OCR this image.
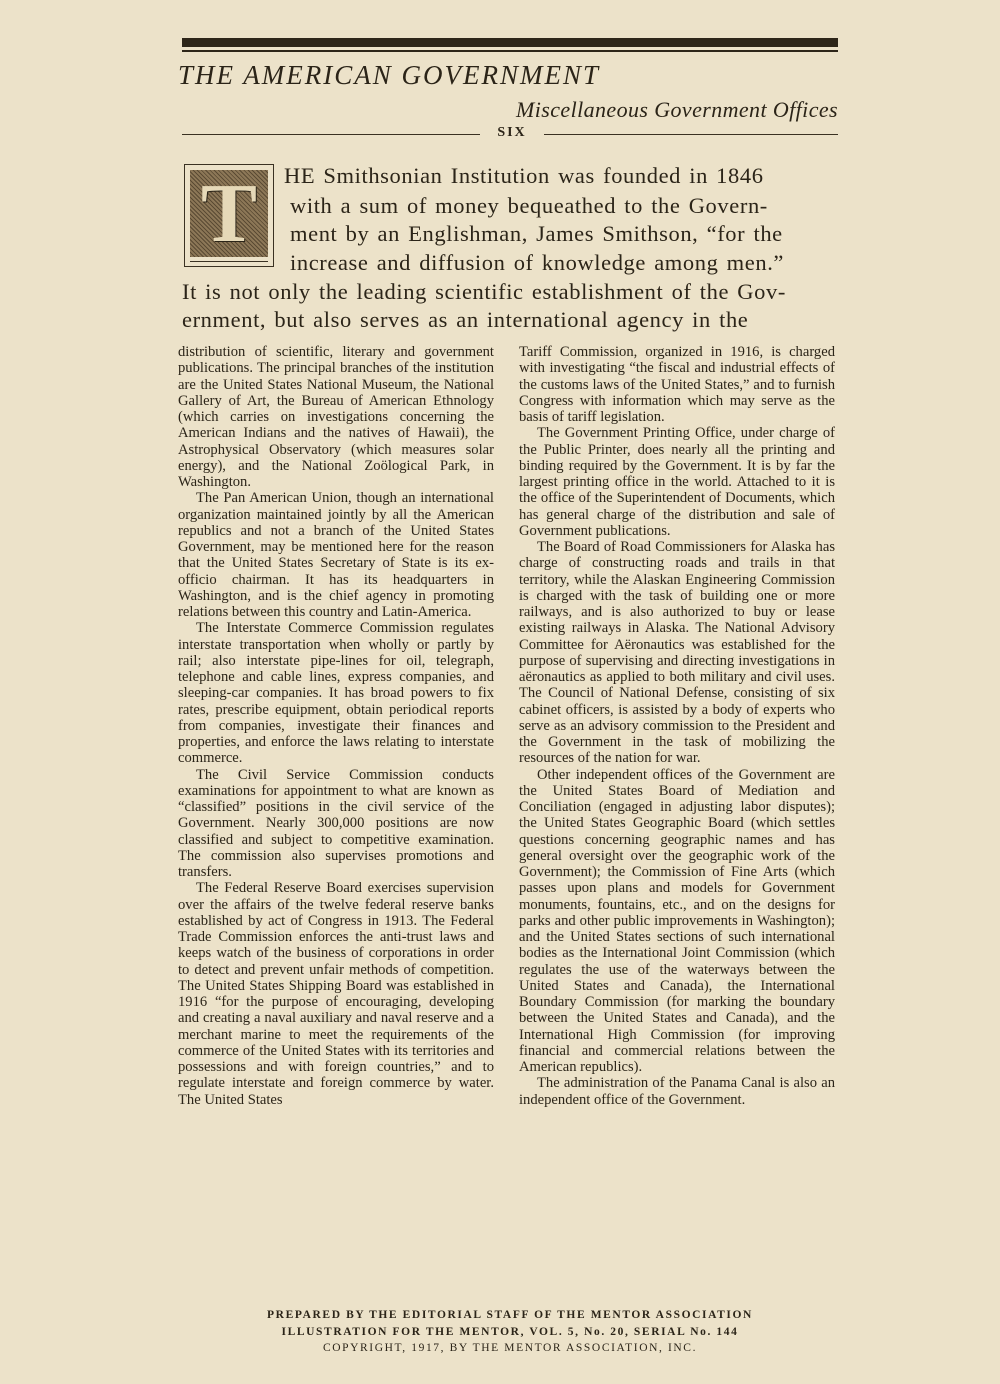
THE AMERICAN GOVERNMENT
Miscellaneous Government Offices
SIX
T HE Smithsonian Institution was founded in 1846
with a sum of money bequeathed to the Govern-
ment by an Englishman, James Smithson, “for the
increase and diffusion of knowledge among men.”
It is not only the leading scientific establishment of the Gov-
ernment, but also serves as an international agency in the

distribution of scientific, literary and government publications. The principal branches of the institution are the United States National Museum, the National Gallery of Art, the Bureau of American Ethnology (which carries on investigations concerning the American Indians and the natives of Hawaii), the Astrophysical Observatory (which measures solar energy), and the National Zoölogical Park, in Washington.

The Pan American Union, though an international organization maintained jointly by all the American republics and not a branch of the United States Government, may be mentioned here for the reason that the United States Secretary of State is its ex-officio chairman. It has its headquarters in Washington, and is the chief agency in promoting relations between this country and Latin-America.

The Interstate Commerce Commission regulates interstate transportation when wholly or partly by rail; also interstate pipe-lines for oil, telegraph, telephone and cable lines, express companies, and sleeping-car companies. It has broad powers to fix rates, prescribe equipment, obtain periodical reports from companies, investigate their finances and properties, and enforce the laws relating to interstate commerce.

The Civil Service Commission conducts examinations for appointment to what are known as “classified” positions in the civil service of the Government. Nearly 300,000 positions are now classified and subject to competitive examination. The commission also supervises promotions and transfers.

The Federal Reserve Board exercises supervision over the affairs of the twelve federal reserve banks established by act of Congress in 1913. The Federal Trade Commission enforces the anti-trust laws and keeps watch of the business of corporations in order to detect and prevent unfair methods of competition. The United States Shipping Board was established in 1916 “for the purpose of encouraging, developing and creating a naval auxiliary and naval reserve and a merchant marine to meet the requirements of the commerce of the United States with its territories and possessions and with foreign countries,” and to regulate interstate and foreign commerce by water. The United States

Tariff Commission, organized in 1916, is charged with investigating “the fiscal and industrial effects of the customs laws of the United States,” and to furnish Congress with information which may serve as the basis of tariff legislation.

The Government Printing Office, under charge of the Public Printer, does nearly all the printing and binding required by the Government. It is by far the largest printing office in the world. Attached to it is the office of the Superintendent of Documents, which has general charge of the distribution and sale of Government publications.

The Board of Road Commissioners for Alaska has charge of constructing roads and trails in that territory, while the Alaskan Engineering Commission is charged with the task of building one or more railways, and is also authorized to buy or lease existing railways in Alaska. The National Advisory Committee for Aëronautics was established for the purpose of supervising and directing investigations in aëronautics as applied to both military and civil uses. The Council of National Defense, consisting of six cabinet officers, is assisted by a body of experts who serve as an advisory commission to the President and the Government in the task of mobilizing the resources of the nation for war.

Other independent offices of the Government are the United States Board of Mediation and Conciliation (engaged in adjusting labor disputes); the United States Geographic Board (which settles questions concerning geographic names and has general oversight over the geographic work of the Government); the Commission of Fine Arts (which passes upon plans and models for Government monuments, fountains, etc., and on the designs for parks and other public improvements in Washington); and the United States sections of such international bodies as the International Joint Commission (which regulates the use of the waterways between the United States and Canada), the International Boundary Commission (for marking the boundary between the United States and Canada), and the International High Commission (for improving financial and commercial relations between the American republics).

The administration of the Panama Canal is also an independent office of the Government.

PREPARED BY THE EDITORIAL STAFF OF THE MENTOR ASSOCIATION
ILLUSTRATION FOR THE MENTOR, VOL. 5, No. 20, SERIAL No. 144
COPYRIGHT, 1917, BY THE MENTOR ASSOCIATION, INC.
